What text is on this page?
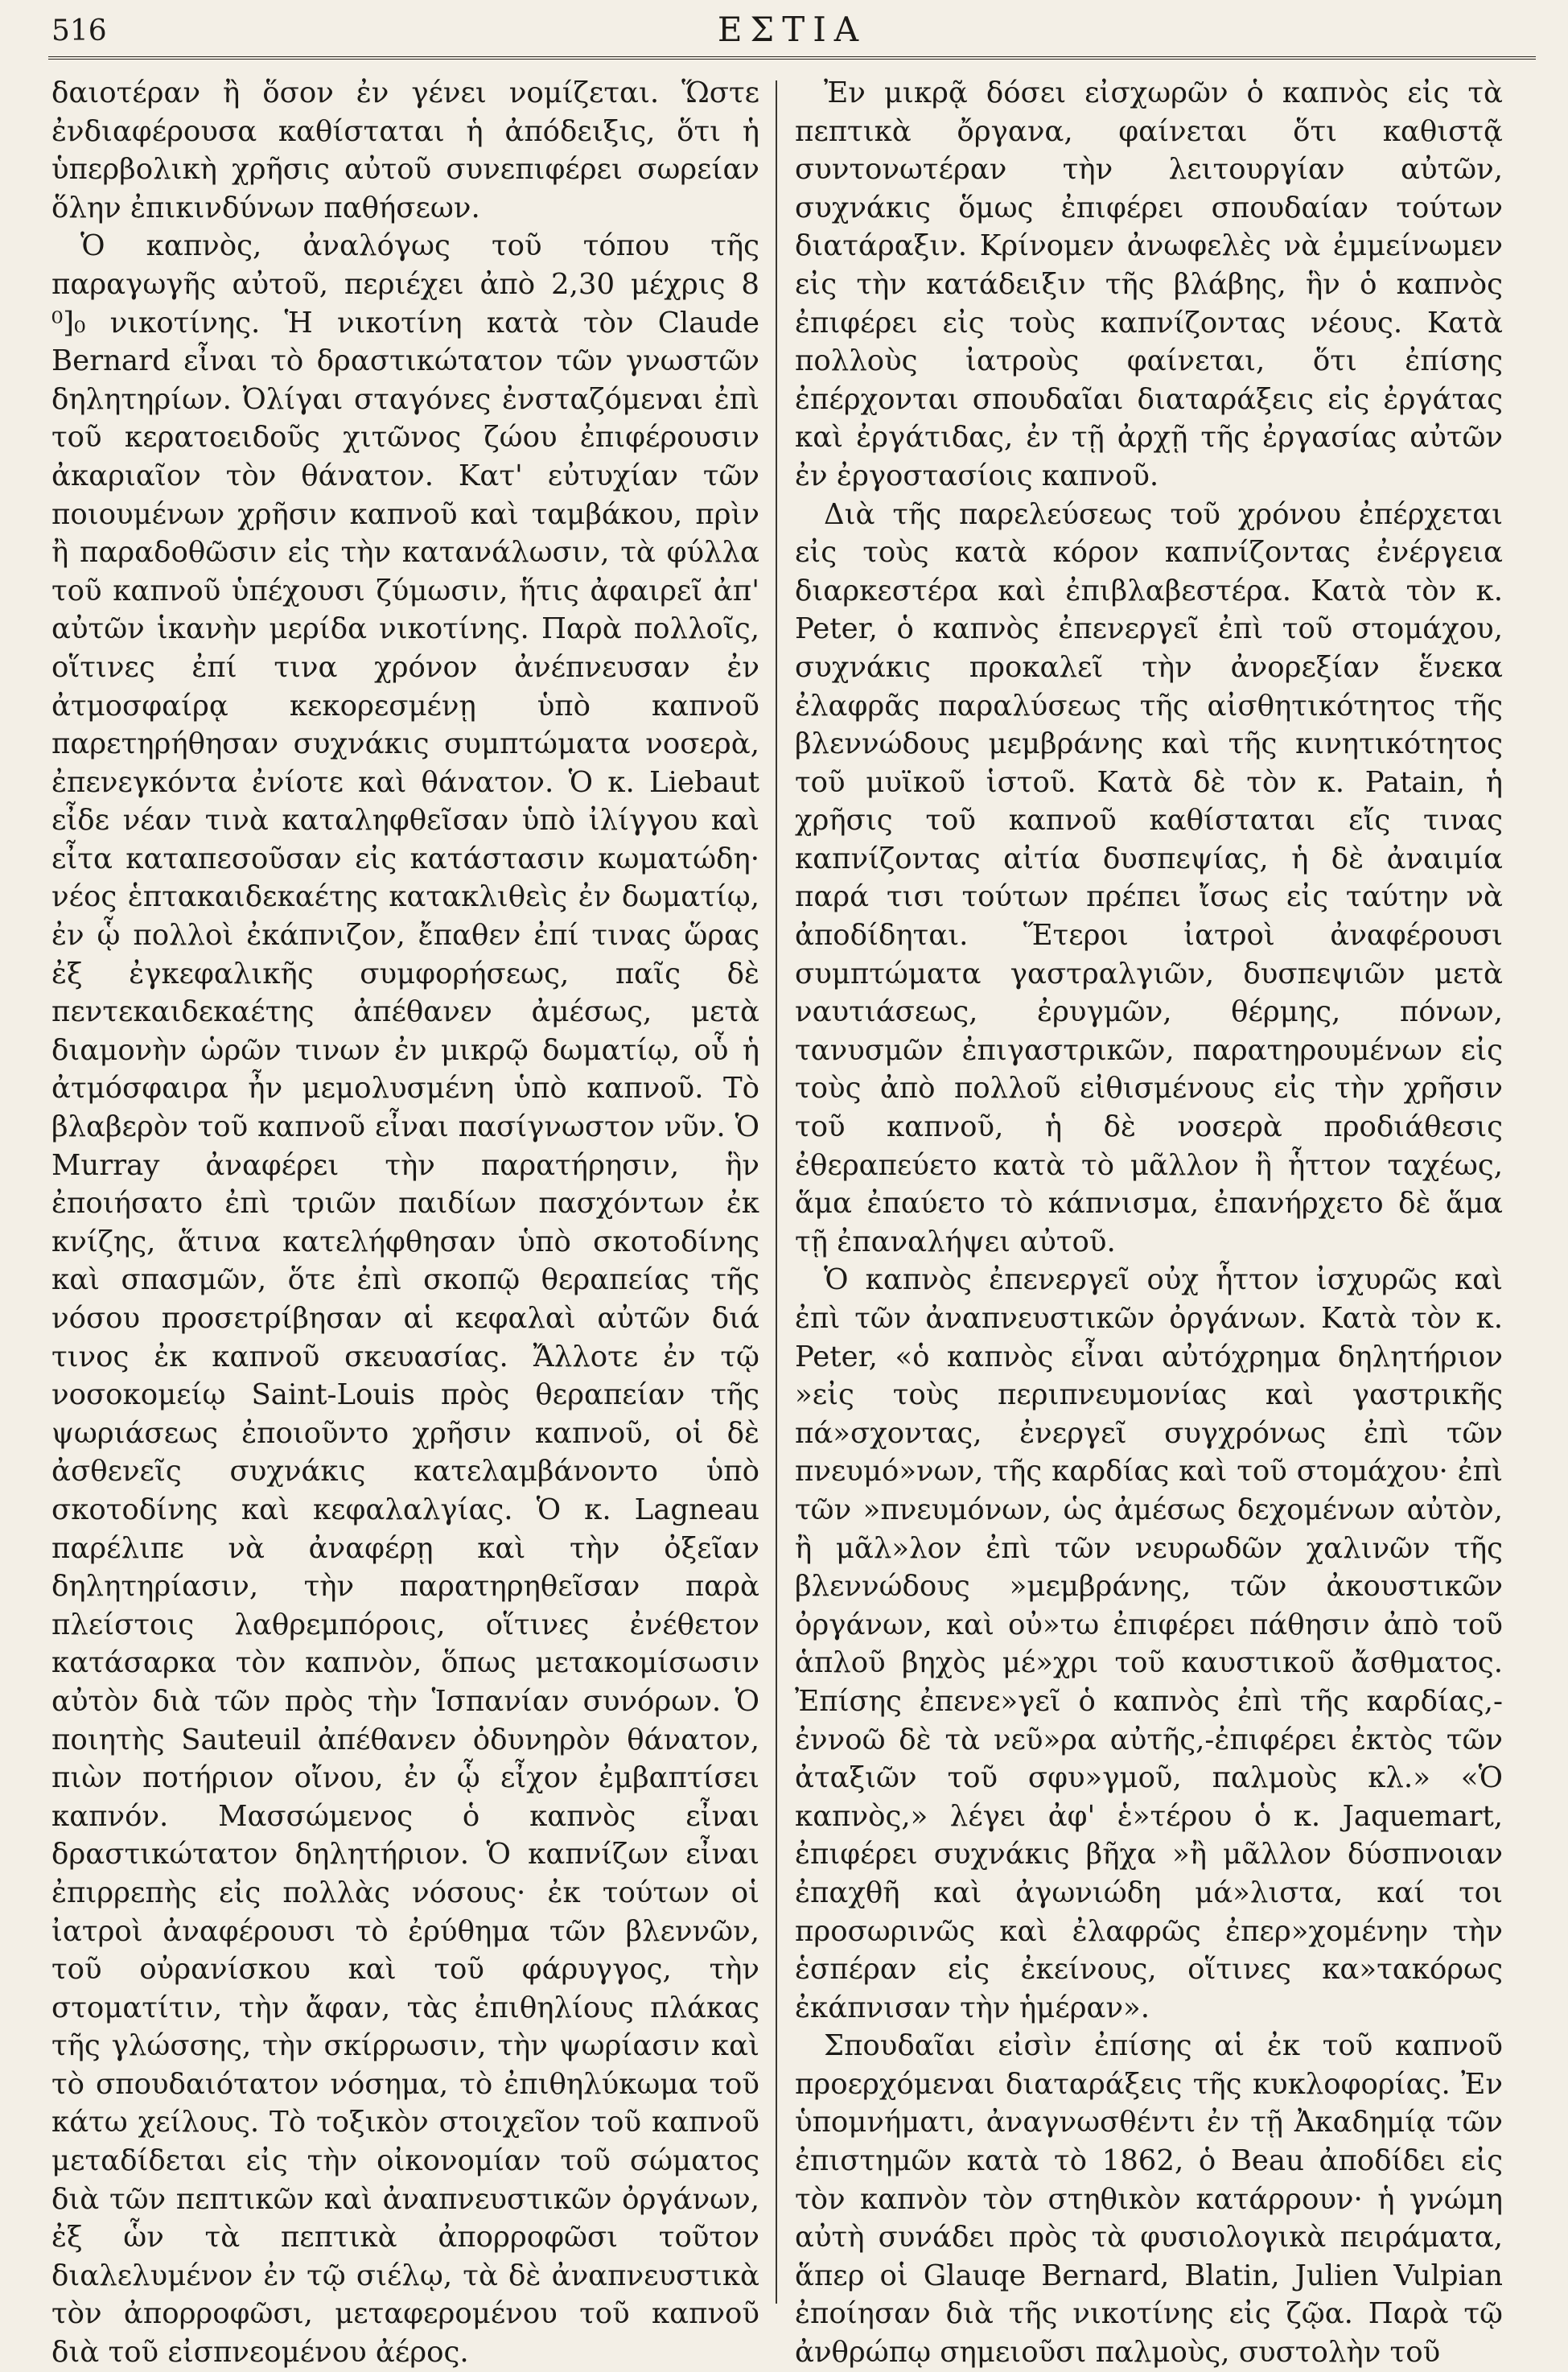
516	ΕΣΤΙΑ

δαιοτέραν ἢ ὅσον ἐν γένει νομίζεται. Ὥστε ἐνδιαφέρουσα καθίσταται ἡ ἀπόδειξις, ὅτι ἡ ὑπερβολικὴ χρῆσις αὐτοῦ συνεπιφέρει σωρείαν ὅλην ἐπικινδύνων παθήσεων.

Ὁ καπνὸς, ἀναλόγως τοῦ τόπου τῆς παραγωγῆς αὐτοῦ, περιέχει ἀπὸ 2,30 μέχρις 8 ⁰]₀ νικοτίνης. Ἡ νικοτίνη κατὰ τὸν Claude Bernard εἶναι τὸ δραστικώτατον τῶν γνωστῶν δηλητηρίων. Ὀλίγαι σταγόνες ἐνσταζόμεναι ἐπὶ τοῦ κερατοειδοῦς χιτῶνος ζώου ἐπιφέρουσιν ἀκαριαῖον τὸν θάνατον. Κατ' εὐτυχίαν τῶν ποιουμένων χρῆσιν καπνοῦ καὶ ταμβάκου, πρὶν ἢ παραδοθῶσιν εἰς τὴν κατανάλωσιν, τὰ φύλλα τοῦ καπνοῦ ὑπέχουσι ζύμωσιν, ἥτις ἀφαιρεῖ ἀπ' αὐτῶν ἱκανὴν μερίδα νικοτίνης. Παρὰ πολλοῖς, οἵτινες ἐπί τινα χρόνον ἀνέπνευσαν ἐν ἀτμοσφαίρᾳ κεκορεσμένῃ ὑπὸ καπνοῦ παρετηρήθησαν συχνάκις συμπτώματα νοσερὰ, ἐπενεγκόντα ἐνίοτε καὶ θάνατον. Ὁ κ. Liebaut εἶδε νέαν τινὰ καταληφθεῖσαν ὑπὸ ἰλίγγου καὶ εἶτα καταπεσοῦσαν εἰς κατάστασιν κωματώδη· νέος ἑπτακαιδεκαέτης κατακλιθεὶς ἐν δωματίῳ, ἐν ᾧ πολλοὶ ἐκάπνιζον, ἔπαθεν ἐπί τινας ὥρας ἐξ ἐγκεφαλικῆς συμφορήσεως, παῖς δὲ πεντεκαιδεκαέτης ἀπέθανεν ἀμέσως, μετὰ διαμονὴν ὡρῶν τινων ἐν μικρῷ δωματίῳ, οὗ ἡ ἀτμόσφαιρα ἦν μεμολυσμένη ὑπὸ καπνοῦ. Τὸ βλαβερὸν τοῦ καπνοῦ εἶναι πασίγνωστον νῦν. Ὁ Murray ἀναφέρει τὴν παρατήρησιν, ἣν ἐποιήσατο ἐπὶ τριῶν παιδίων πασχόντων ἐκ κνίζης, ἅτινα κατελήφθησαν ὑπὸ σκοτοδίνης καὶ σπασμῶν, ὅτε ἐπὶ σκοπῷ θεραπείας τῆς νόσου προσετρίβησαν αἱ κεφαλαὶ αὐτῶν διά τινος ἐκ καπνοῦ σκευασίας. Ἄλλοτε ἐν τῷ νοσοκομείῳ Saint-Louis πρὸς θεραπείαν τῆς ψωριάσεως ἐποιοῦντο χρῆσιν καπνοῦ, οἱ δὲ ἀσθενεῖς συχνάκις κατελαμβάνοντο ὑπὸ σκοτοδίνης καὶ κεφαλαλγίας. Ὁ κ. Lagneau παρέλιπε νὰ ἀναφέρῃ καὶ τὴν ὀξεῖαν δηλητηρίασιν, τὴν παρατηρηθεῖσαν παρὰ πλείστοις λαθρεμπόροις, οἵτινες ἐνέθετον κατάσαρκα τὸν καπνὸν, ὅπως μετακομίσωσιν αὐτὸν διὰ τῶν πρὸς τὴν Ἱσπανίαν συνόρων. Ὁ ποιητὴς Sauteuil ἀπέθανεν ὀδυνηρὸν θάνατον, πιὼν ποτήριον οἴνου, ἐν ᾧ εἶχον ἐμβαπτίσει καπνόν. Μασσώμενος ὁ καπνὸς εἶναι δραστικώτατον δηλητήριον. Ὁ καπνίζων εἶναι ἐπιρρεπὴς εἰς πολλὰς νόσους· ἐκ τούτων οἱ ἰατροὶ ἀναφέρουσι τὸ ἐρύθημα τῶν βλεννῶν, τοῦ οὐρανίσκου καὶ τοῦ φάρυγγος, τὴν στοματίτιν, τὴν ἄφαν, τὰς ἐπιθηλίους πλάκας τῆς γλώσσης, τὴν σκίρρωσιν, τὴν ψωρίασιν καὶ τὸ σπουδαιότατον νόσημα, τὸ ἐπιθηλύκωμα τοῦ κάτω χείλους. Τὸ τοξικὸν στοιχεῖον τοῦ καπνοῦ μεταδίδεται εἰς τὴν οἰκονομίαν τοῦ σώματος διὰ τῶν πεπτικῶν καὶ ἀναπνευστικῶν ὀργάνων, ἐξ ὧν τὰ πεπτικὰ ἀπορροφῶσι τοῦτον διαλελυμένον ἐν τῷ σιέλῳ, τὰ δὲ ἀναπνευστικὰ τὸν ἀπορροφῶσι, μεταφερομένου τοῦ καπνοῦ διὰ τοῦ εἰσπνεομένου ἀέρος.

Ἐν μικρᾷ δόσει εἰσχωρῶν ὁ καπνὸς εἰς τὰ πεπτικὰ ὄργανα, φαίνεται ὅτι καθιστᾷ συντονωτέραν τὴν λειτουργίαν αὐτῶν, συχνάκις ὅμως ἐπιφέρει σπουδαίαν τούτων διατάραξιν. Κρίνομεν ἀνωφελὲς νὰ ἐμμείνωμεν εἰς τὴν κατάδειξιν τῆς βλάβης, ἣν ὁ καπνὸς ἐπιφέρει εἰς τοὺς καπνίζοντας νέους. Κατὰ πολλοὺς ἰατροὺς φαίνεται, ὅτι ἐπίσης ἐπέρχονται σπουδαῖαι διαταράξεις εἰς ἐργάτας καὶ ἐργάτιδας, ἐν τῇ ἀρχῇ τῆς ἐργασίας αὐτῶν ἐν ἐργοστασίοις καπνοῦ.

Διὰ τῆς παρελεύσεως τοῦ χρόνου ἐπέρχεται εἰς τοὺς κατὰ κόρον καπνίζοντας ἐνέργεια διαρκεστέρα καὶ ἐπιβλαβεστέρα. Κατὰ τὸν κ. Peter, ὁ καπνὸς ἐπενεργεῖ ἐπὶ τοῦ στομάχου, συχνάκις προκαλεῖ τὴν ἀνορεξίαν ἕνεκα ἐλαφρᾶς παραλύσεως τῆς αἰσθητικότητος τῆς βλεννώδους μεμβράνης καὶ τῆς κινητικότητος τοῦ μυϊκοῦ ἱστοῦ. Κατὰ δὲ τὸν κ. Patain, ἡ χρῆσις τοῦ καπνοῦ καθίσταται εἴς τινας καπνίζοντας αἰτία δυσπεψίας, ἡ δὲ ἀναιμία παρά τισι τούτων πρέπει ἴσως εἰς ταύτην νὰ ἀποδίδηται. Ἕτεροι ἰατροὶ ἀναφέρουσι συμπτώματα γαστραλγιῶν, δυσπεψιῶν μετὰ ναυτιάσεως, ἐρυγμῶν, θέρμης, πόνων, τανυσμῶν ἐπιγαστρικῶν, παρατηρουμένων εἰς τοὺς ἀπὸ πολλοῦ εἰθισμένους εἰς τὴν χρῆσιν τοῦ καπνοῦ, ἡ δὲ νοσερὰ προδιάθεσις ἐθεραπεύετο κατὰ τὸ μᾶλλον ἢ ἧττον ταχέως, ἅμα ἐπαύετο τὸ κάπνισμα, ἐπανήρχετο δὲ ἅμα τῇ ἐπαναλήψει αὐτοῦ.

Ὁ καπνὸς ἐπενεργεῖ οὐχ ἧττον ἰσχυρῶς καὶ ἐπὶ τῶν ἀναπνευστικῶν ὀργάνων. Κατὰ τὸν κ. Peter, «ὁ καπνὸς εἶναι αὐτόχρημα δηλητήριον »εἰς τοὺς περιπνευμονίας καὶ γαστρικῆς πά»σχοντας, ἐνεργεῖ συγχρόνως ἐπὶ τῶν πνευμό»νων, τῆς καρδίας καὶ τοῦ στομάχου· ἐπὶ τῶν »πνευμόνων, ὡς ἀμέσως δεχομένων αὐτὸν, ἢ μᾶλ»λον ἐπὶ τῶν νευρωδῶν χαλινῶν τῆς βλεννώδους »μεμβράνης, τῶν ἀκουστικῶν ὀργάνων, καὶ οὐ»τω ἐπιφέρει πάθησιν ἀπὸ τοῦ ἁπλοῦ βηχὸς μέ»χρι τοῦ καυστικοῦ ἄσθματος. Ἐπίσης ἐπενε»γεῖ ὁ καπνὸς ἐπὶ τῆς καρδίας,- ἐννοῶ δὲ τὰ νεῦ»ρα αὐτῆς,-ἐπιφέρει ἐκτὸς τῶν ἀταξιῶν τοῦ σφυ»γμοῦ, παλμοὺς κλ.» «Ὁ καπνὸς,» λέγει ἀφ' ἑ»τέρου ὁ κ. Jaquemart, ἐπιφέρει συχνάκις βῆχα »ἢ μᾶλλον δύσπνοιαν ἐπαχθῆ καὶ ἀγωνιώδη μά»λιστα, καί τοι προσωρινῶς καὶ ἐλαφρῶς ἐπερ»χομένην τὴν ἑσπέραν εἰς ἐκείνους, οἵτινες κα»τακόρως ἐκάπνισαν τὴν ἡμέραν».

Σπουδαῖαι εἰσὶν ἐπίσης αἱ ἐκ τοῦ καπνοῦ προερχόμεναι διαταράξεις τῆς κυκλοφορίας. Ἐν ὑπομνήματι, ἀναγνωσθέντι ἐν τῇ Ἀκαδημίᾳ τῶν ἐπιστημῶν κατὰ τὸ 1862, ὁ Beau ἀποδίδει εἰς τὸν καπνὸν τὸν στηθικὸν κατάρρουν· ἡ γνώμη αὐτὴ συνάδει πρὸς τὰ φυσιολογικὰ πειράματα, ἅπερ οἱ Glauqe Bernard, Blatin, Julien Vulpian ἐποίησαν διὰ τῆς νικοτίνης εἰς ζῷα. Παρὰ τῷ ἀνθρώπῳ σημειοῦσι παλμοὺς, συστολὴν τοῦ
